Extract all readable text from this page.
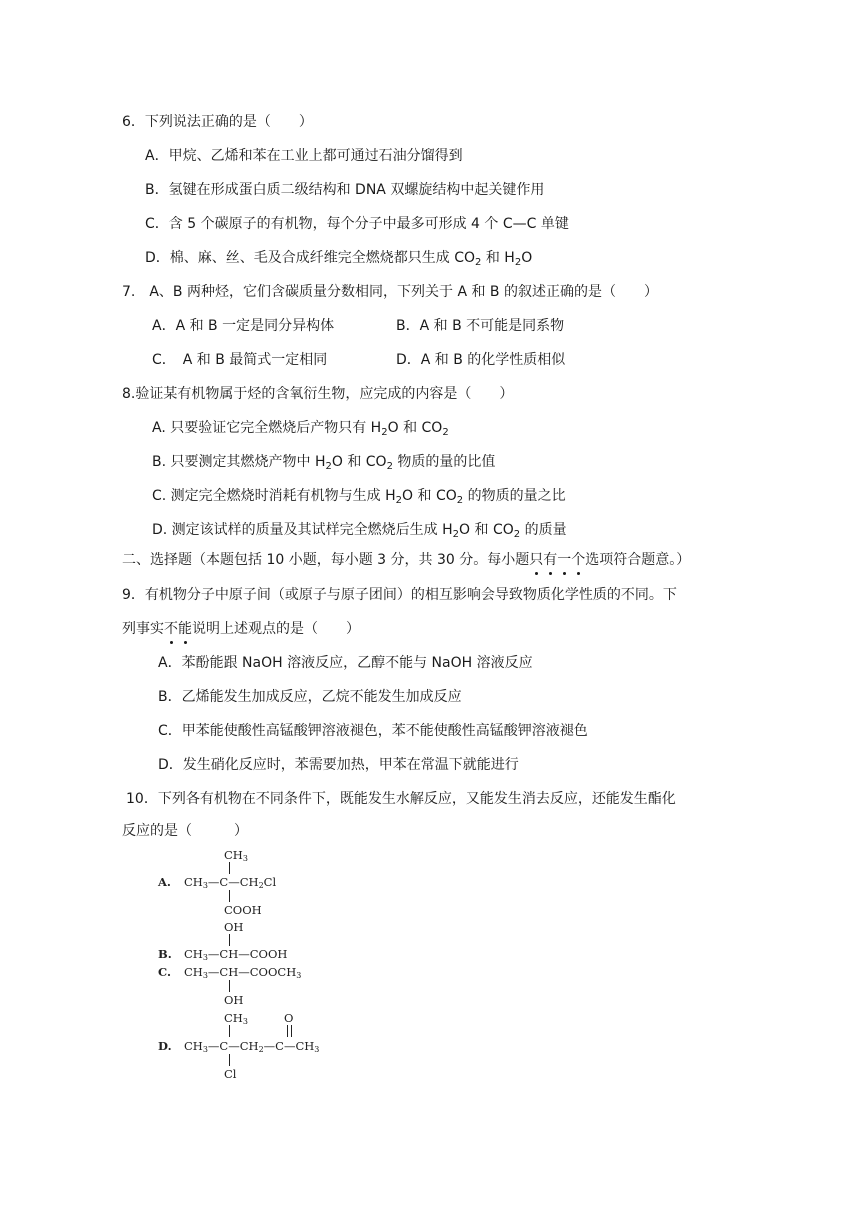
6．下列说法正确的是（　　）
A．甲烷、乙烯和苯在工业上都可通过石油分馏得到
B．氢键在形成蛋白质二级结构和 DNA 双螺旋结构中起关键作用
C．含 5 个碳原子的有机物，每个分子中最多可形成 4 个 C—C 单键
D．棉、麻、丝、毛及合成纤维完全燃烧都只生成 $CO_2$ 和 $H_2O$
7.　A、B 两种烃，它们含碳质量分数相同，下列关于 A 和 B 的叙述正确的是（　　）
A．A 和 B 一定是同分异构体	B．A 和 B 不可能是同系物
C．　A 和 B 最简式一定相同	D．A 和 B 的化学性质相似
8.验证某有机物属于烃的含氧衍生物，应完成的内容是（　　）
A. 只要验证它完全燃烧后产物只有 $H_2O$ 和 $CO_2$
B. 只要测定其燃烧产物中 $H_2O$ 和 $CO_2$ 物质的量的比值
C. 测定完全燃烧时消耗有机物与生成 $H_2O$ 和 $CO_2$ 的物质的量之比
D. 测定该试样的质量及其试样完全燃烧后生成 $H_2O$ 和 $CO_2$ 的质量
二、选择题（本题包括 10 小题，每小题 3 分，共 30 分。每小题只有一个选项符合题意。）
9．有机物分子中原子间（或原子与原子团间）的相互影响会导致物质化学性质的不同。下
列事实不能说明上述观点的是（　　）
A．苯酚能跟 NaOH 溶液反应，乙醇不能与 NaOH 溶液反应
B．乙烯能发生加成反应，乙烷不能发生加成反应
C．甲苯能使酸性高锰酸钾溶液褪色，苯不能使酸性高锰酸钾溶液褪色
D．发生硝化反应时，苯需要加热，甲苯在常温下就能进行
10．下列各有机物在不同条件下，既能发生水解反应，又能发生消去反应，还能发生酯化
反应的是（　　　）
$CH_3$
A. $CH_3—C—CH_2Cl$
COOH
OH
B. $CH_3—CH—COOH$
C. $CH_3—CH—COOCH_3$
OH
$CH_3$	O
D. $CH_3—C—CH_2—C—CH_3$
Cl
